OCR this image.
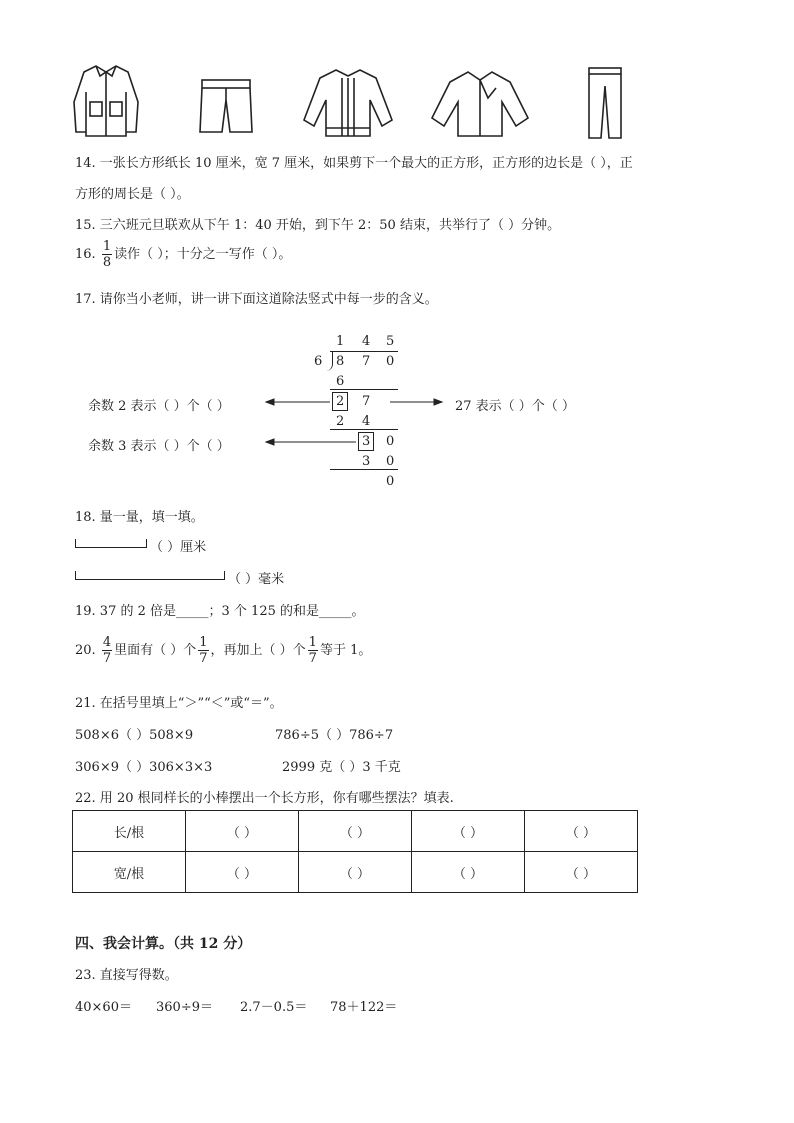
14. 一张长方形纸长 10 厘米，宽 7 厘米，如果剪下一个最大的正方形，正方形的边长是（ ），正
方形的周长是（ ）。
15. 三六班元旦联欢从下午 1：40 开始，到下午 2：50 结束，共举行了（ ）分钟。
16. $\frac{1}{8}$ 读作（ ）；十分之一写作（ ）。
17. 请你当小老师，讲一讲下面这道除法竖式中每一步的含义。
1 4 5
6 8 7 0
6
2 7
2 4
3 0
3 0
0
余数 2 表示（ ）个（ ）	27 表示（ ）个（ ）
余数 3 表示（ ）个（ ）
18. 量一量，填一填。
（ ）厘米
（ ）毫米
19. 37 的 2 倍是_____；3 个 125 的和是_____。
20. $\frac{4}{7}$ 里面有（ ）个 $\frac{1}{7}$ ，再加上（ ）个 $\frac{1}{7}$ 等于 1。
21. 在括号里填上“＞”“＜”或“＝”。
508×6（ ）508×9	786÷5（ ）786÷7
306×9（ ）306×3×3	2999 克（ ）3 千克
22. 用 20 根同样长的小棒摆出一个长方形，你有哪些摆法？填表.
长/根	（ ）	（ ）	（ ）	（ ）
宽/根	（ ）	（ ）	（ ）	（ ）
四、我会计算。（共 12 分）
23. 直接写得数。
40×60＝ 360÷9＝ 2.7－0.5＝ 78＋122＝
